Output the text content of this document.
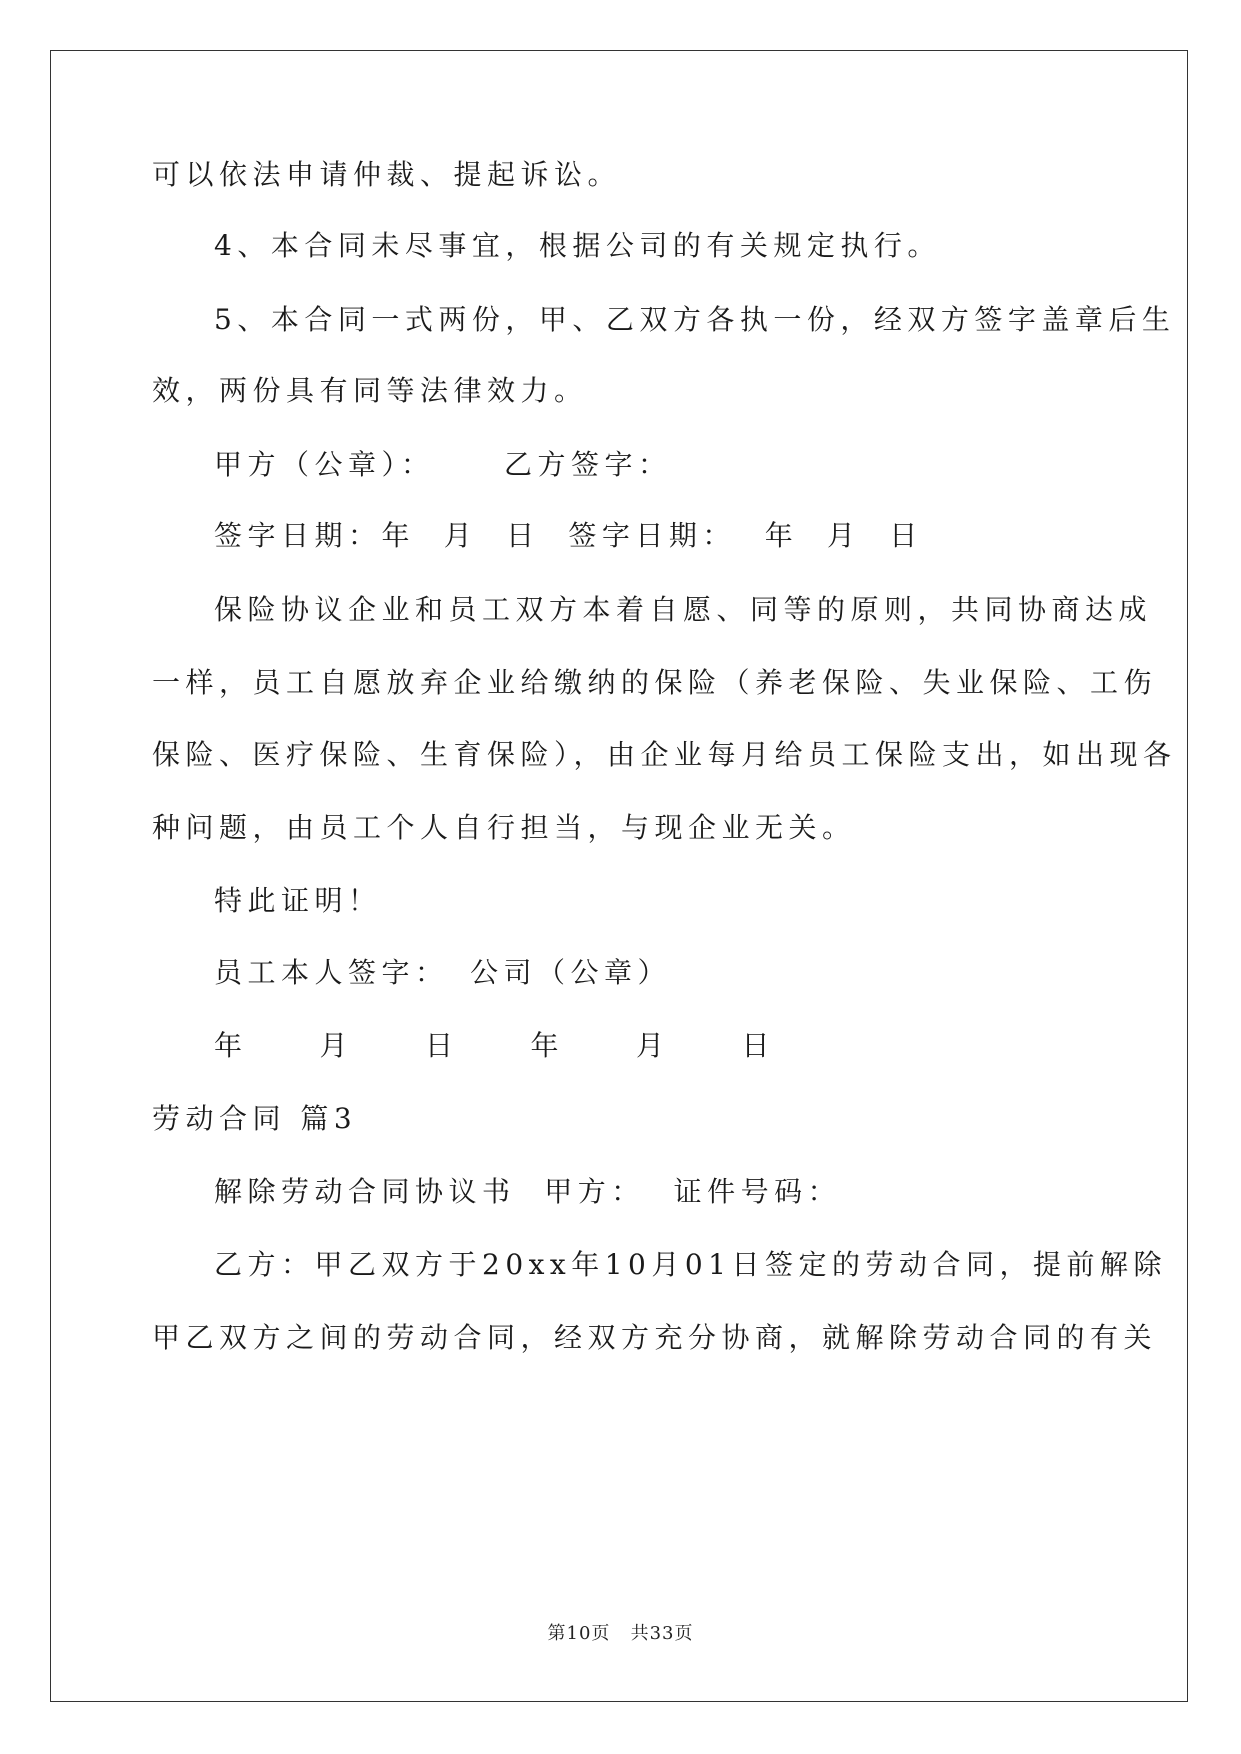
可以依法申请仲裁、提起诉讼。
4、本合同未尽事宜，根据公司的有关规定执行。
5、本合同一式两份，甲、乙双方各执一份，经双方签字盖章后生
效，两份具有同等法律效力。
甲方（公章）： 乙方签字：
签字日期：年  月  日  签字日期：  年  月  日
保险协议企业和员工双方本着自愿、同等的原则，共同协商达成
一样，员工自愿放弃企业给缴纳的保险（养老保险、失业保险、工伤
保险、医疗保险、生育保险），由企业每月给员工保险支出，如出现各
种问题，由员工个人自行担当，与现企业无关。
特此证明！
员工本人签字： 公司（公章）
年     月     日     年     月     日
劳动合同 篇3
解除劳动合同协议书  甲方：  证件号码：
乙方：甲乙双方于20xx年10月01日签定的劳动合同，提前解除
甲乙双方之间的劳动合同，经双方充分协商，就解除劳动合同的有关
第10页   共33页
